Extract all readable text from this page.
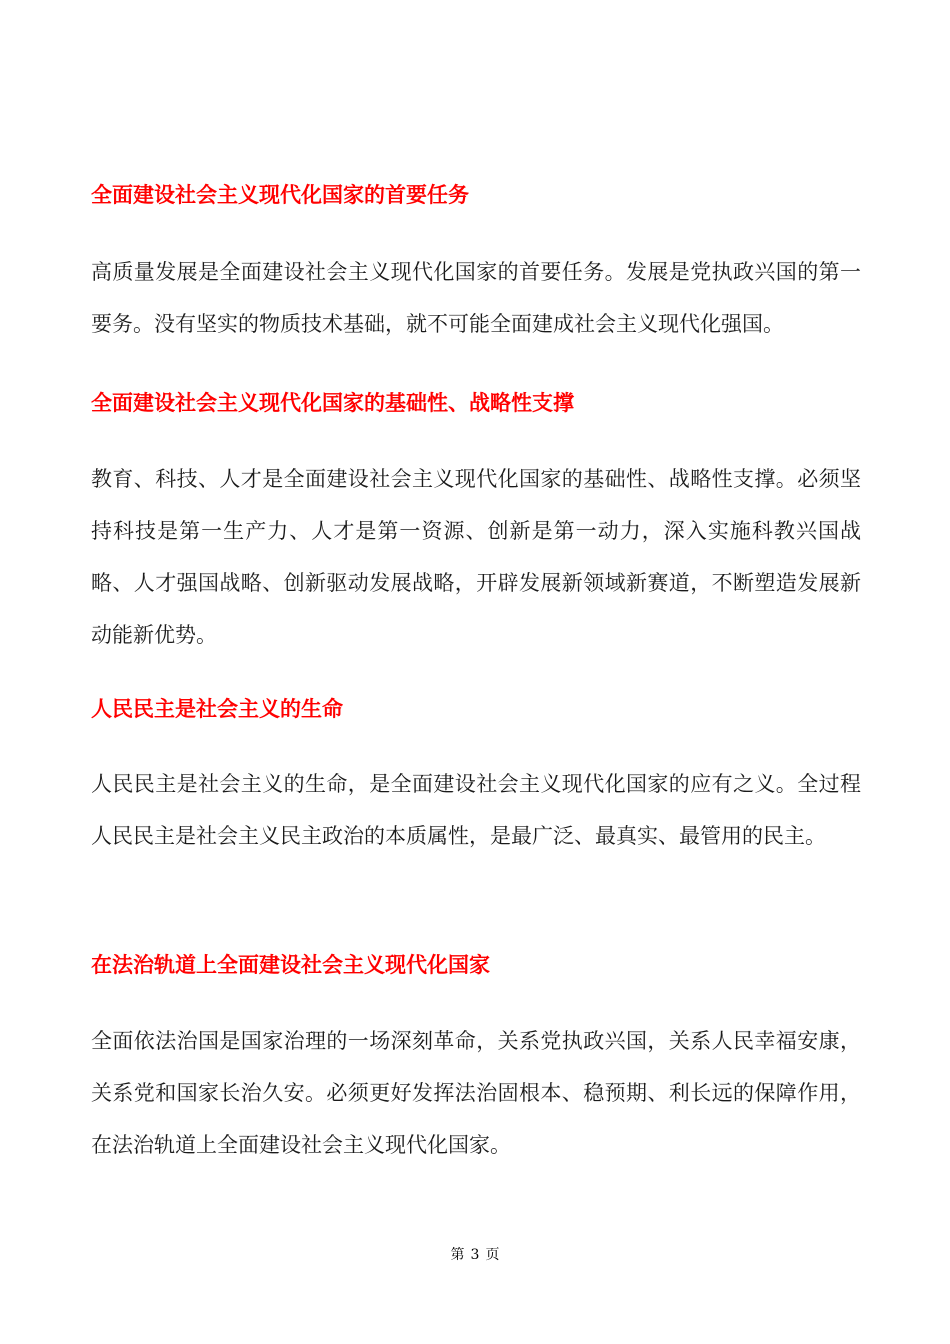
全面建设社会主义现代化国家的首要任务

高质量发展是全面建设社会主义现代化国家的首要任务。发展是党执政兴国的第一要务。没有坚实的物质技术基础，就不可能全面建成社会主义现代化强国。

全面建设社会主义现代化国家的基础性、战略性支撑

教育、科技、人才是全面建设社会主义现代化国家的基础性、战略性支撑。必须坚持科技是第一生产力、人才是第一资源、创新是第一动力，深入实施科教兴国战略、人才强国战略、创新驱动发展战略，开辟发展新领域新赛道，不断塑造发展新动能新优势。

人民民主是社会主义的生命

人民民主是社会主义的生命，是全面建设社会主义现代化国家的应有之义。全过程人民民主是社会主义民主政治的本质属性，是最广泛、最真实、最管用的民主。

在法治轨道上全面建设社会主义现代化国家

全面依法治国是国家治理的一场深刻革命，关系党执政兴国，关系人民幸福安康，关系党和国家长治久安。必须更好发挥法治固根本、稳预期、利长远的保障作用，在法治轨道上全面建设社会主义现代化国家。

第 3 页
